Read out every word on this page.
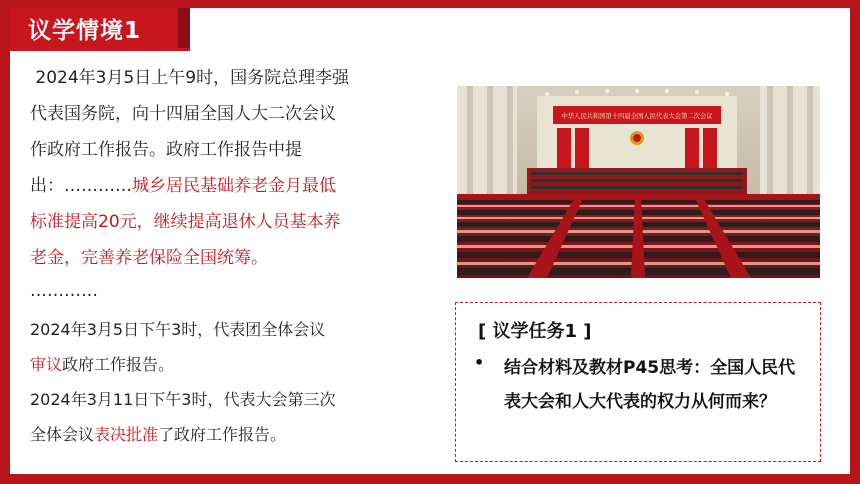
议学情境1
2024年3月5日上午9时，国务院总理李强
代表国务院，向十四届全国人大二次会议
作政府工作报告。政府工作报告中提
出：…………城乡居民基础养老金月最低
标准提高20元，继续提高退休人员基本养
老金，完善养老保险全国统筹。
…………
2024年3月5日下午3时，代表团全体会议
审议政府工作报告。
2024年3月11日下午3时，代表大会第三次
全体会议表决批准了政府工作报告。
中华人民共和国第十四届全国人民代表大会第二次会议
[ 议学任务1 ]
• 结合材料及教材P45思考：全国人民代表大会和人大代表的权力从何而来？
